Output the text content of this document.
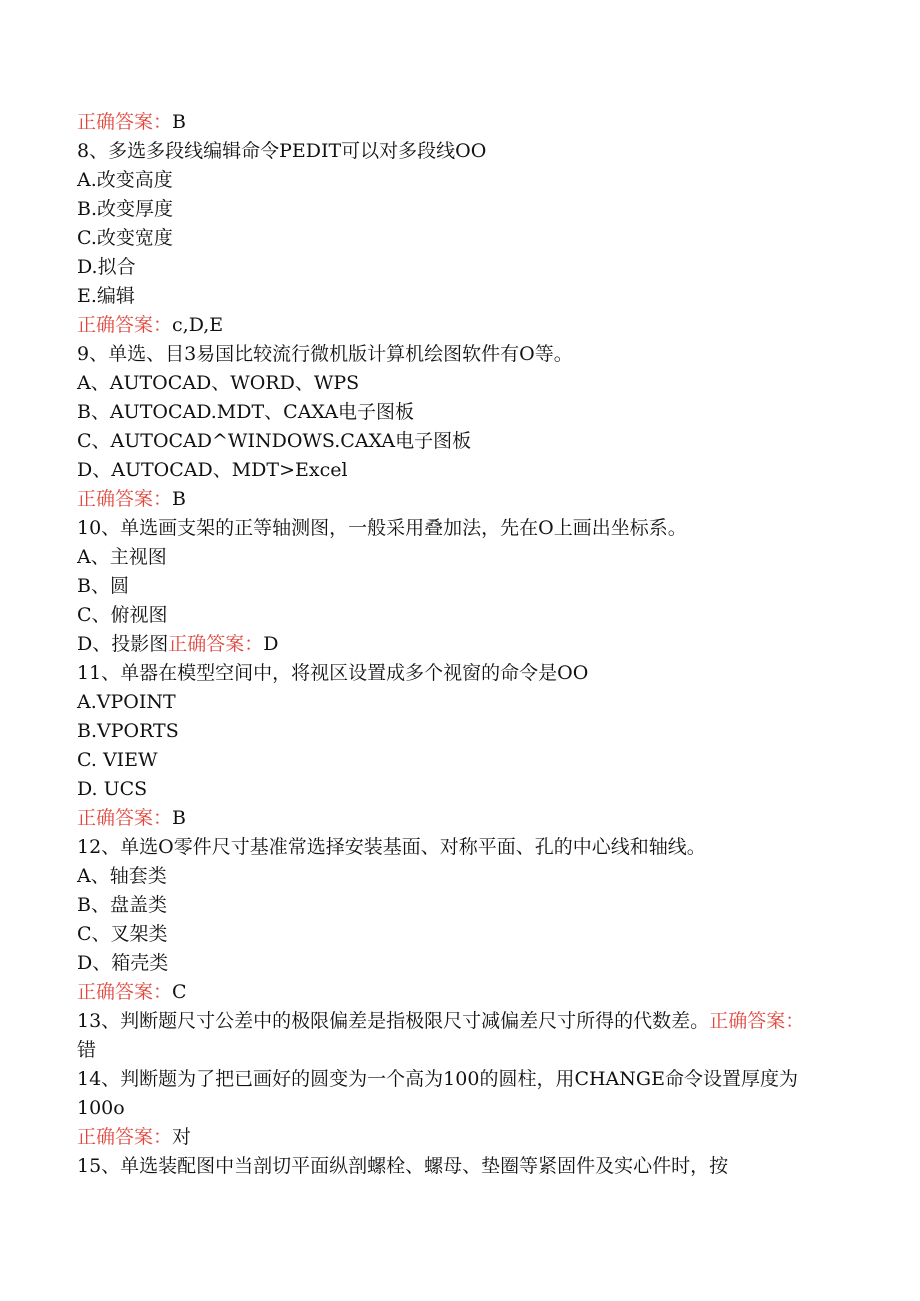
正确答案：B
8、多选多段线编辑命令PEDIT可以对多段线OO
A.改变高度
B.改变厚度
C.改变宽度
D.拟合
E.编辑
正确答案：c,D,E
9、单选、目3易国比较流行微机版计算机绘图软件有O等。
A、AUTOCAD、WORD、WPS
B、AUTOCAD.MDT、CAXA电子图板
C、AUTOCAD^WINDOWS.CAXA电子图板
D、AUTOCAD、MDT>Excel
正确答案：B
10、单选画支架的正等轴测图，一般采用叠加法，先在O上画出坐标系。
A、主视图
B、圆
C、俯视图
D、投影图正确答案：D
11、单器在模型空间中，将视区设置成多个视窗的命令是OO
A.VPOINT
B.VPORTS
C. VIEW
D. UCS
正确答案：B
12、单选O零件尺寸基准常选择安装基面、对称平面、孔的中心线和轴线。
A、轴套类
B、盘盖类
C、叉架类
D、箱壳类
正确答案：C
13、判断题尺寸公差中的极限偏差是指极限尺寸减偏差尺寸所得的代数差。正确答案：错
14、判断题为了把已画好的圆变为一个高为100的圆柱，用CHANGE命令设置厚度为100o
正确答案：对
15、单选装配图中当剖切平面纵剖螺栓、螺母、垫圈等紧固件及实心件时，按
